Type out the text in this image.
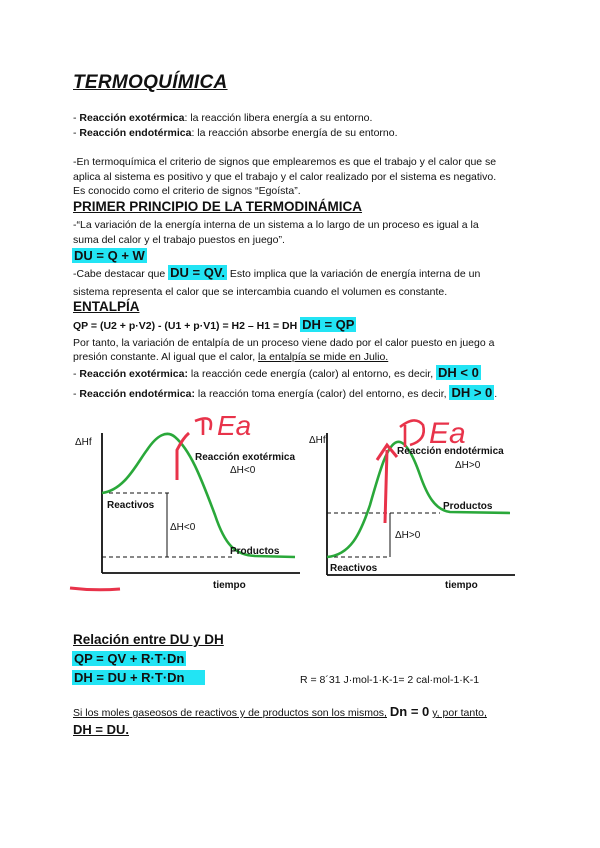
TERMOQUÍMICA
- Reacción exotérmica: la reacción libera energía a su entorno.
- Reacción endotérmica: la reacción absorbe energía de su entorno.
-En termoquímica el criterio de signos que emplearemos es que el trabajo y el calor que se
aplica al sistema es positivo y que el trabajo y el calor realizado por el sistema es negativo.
Es conocido como el criterio de signos “Egoísta”.
PRIMER PRINCIPIO DE LA TERMODINÁMICA
-“La variación de la energía interna de un sistema a lo largo de un proceso es igual a la
suma del calor y el trabajo puestos en juego”.
DU = Q + W
-Cabe destacar que DU = QV. Esto implica que la variación de energía interna de un
sistema representa el calor que se intercambia cuando el volumen es constante.
ENTALPÍA
QP = (U2 + p·V2) - (U1 + p·V1) = H2 – H1 = DH DH = QP
Por tanto, la variación de entalpía de un proceso viene dado por el calor puesto en juego a
presión constante. Al igual que el calor, la entalpía se mide en Julio.
- Reacción exotérmica: la reacción cede energía (calor) al entorno, es decir, DH < 0
- Reacción endotérmica: la reacción toma energía (calor) del entorno, es decir, DH > 0 .
ΔHf
Reacción exotérmica
ΔH<0
Reactivos
ΔH<0
Productos
tiempo
Ea	ΔHf
Reacción endotérmica
ΔH>0
Productos
ΔH>0
Reactivos
tiempo
Ea
Relación entre DU y DH
QP = QV + R·T·Dn
DH = DU + R·T·Dn	R = 8´31 J·mol-1·K-1= 2 cal·mol-1·K-1
Si los moles gaseosos de reactivos y de productos son los mismos, Dn = 0 y, por tanto,
DH = DU.
